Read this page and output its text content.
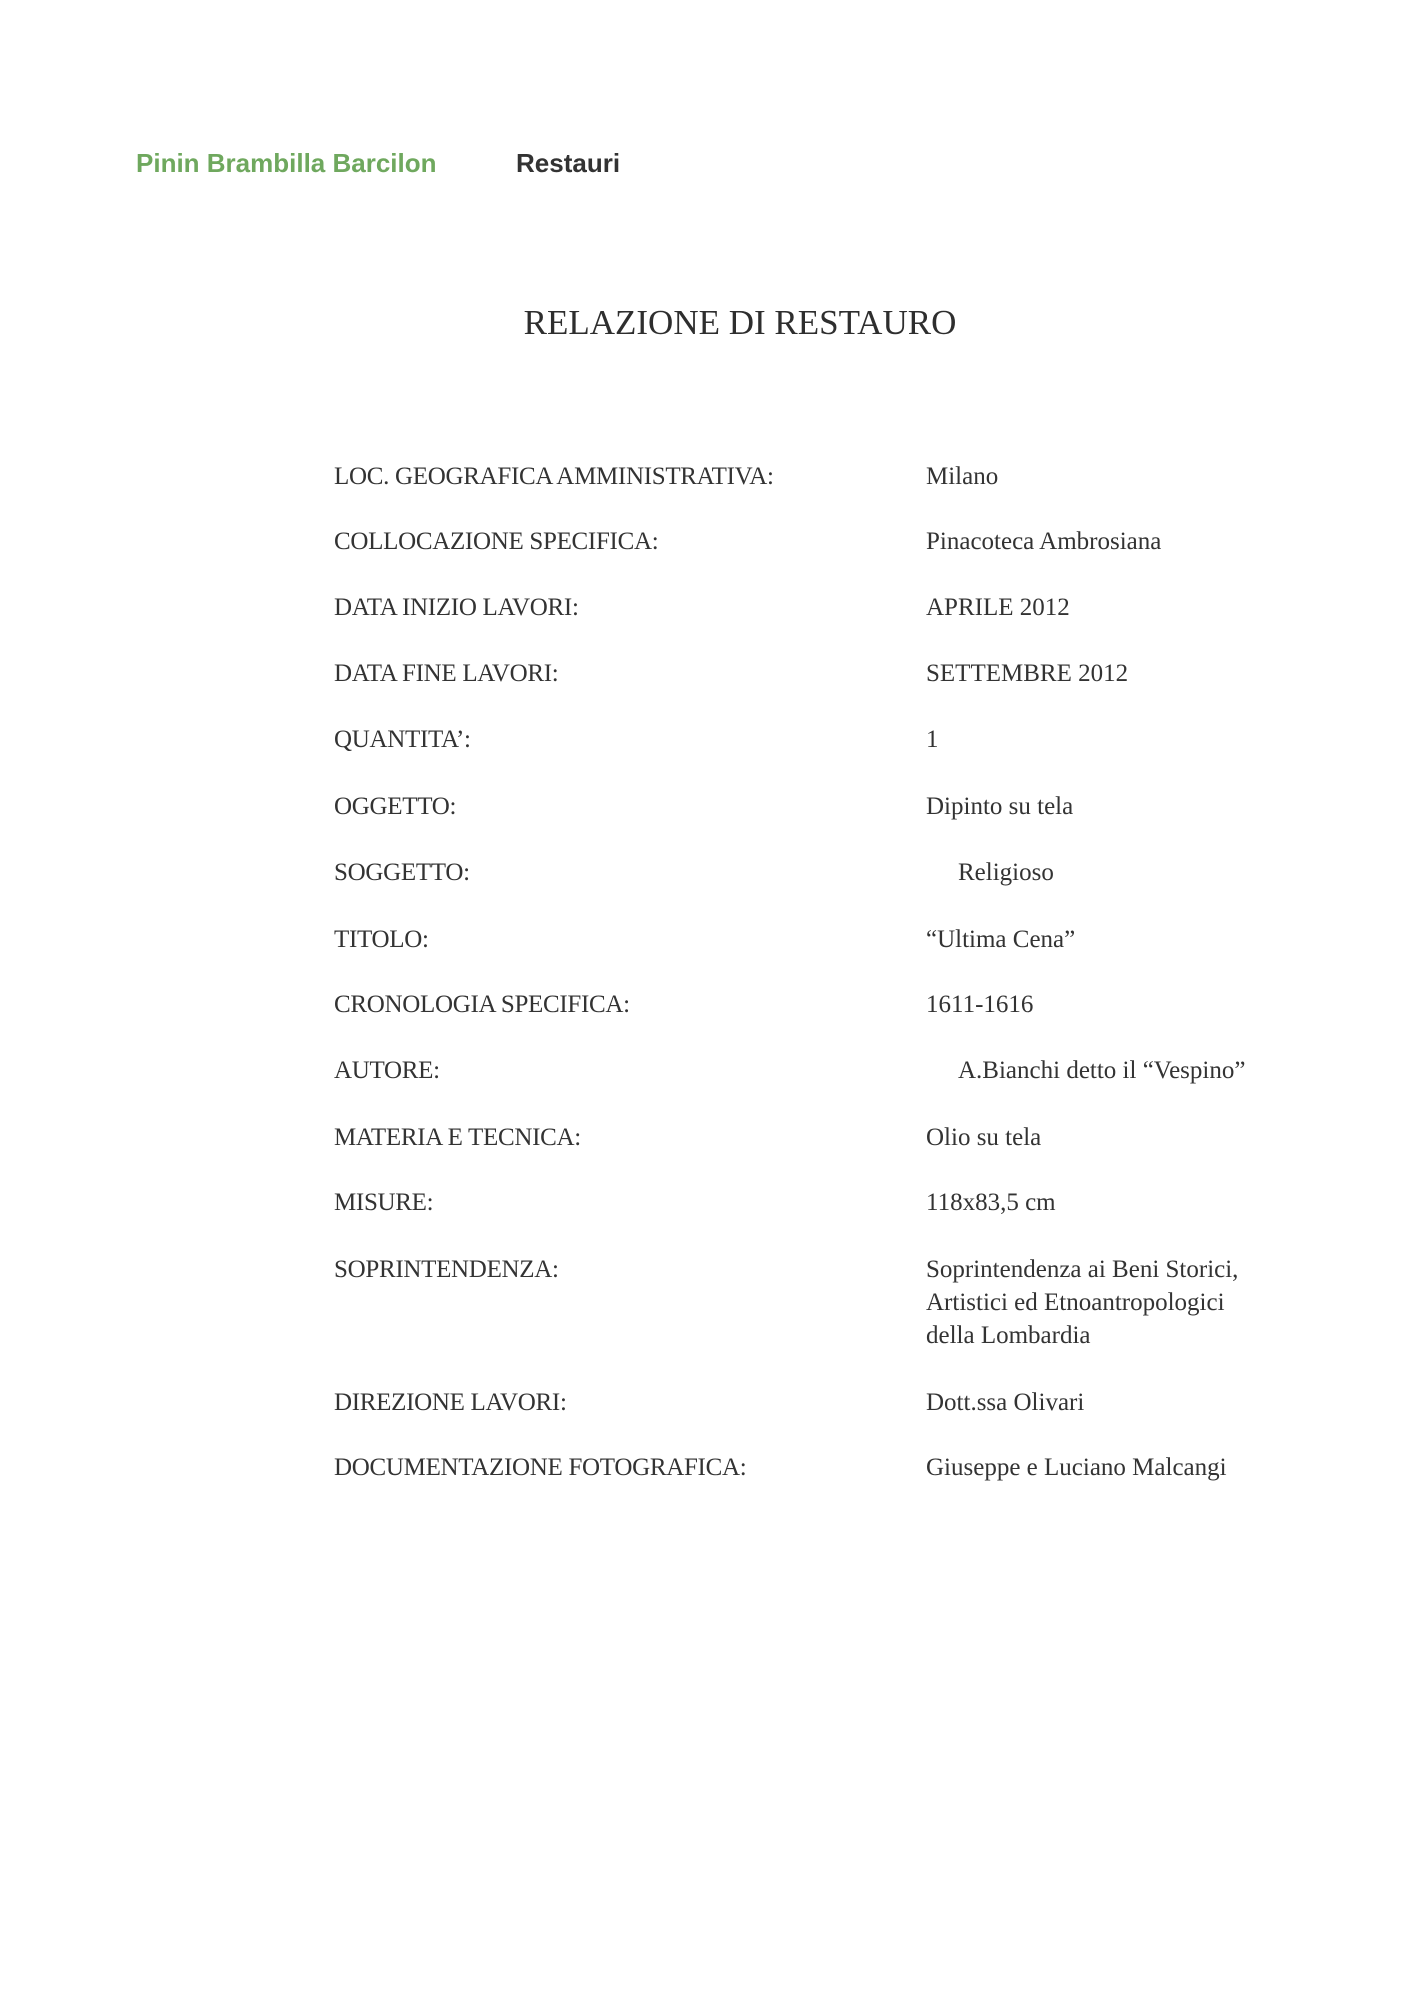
Pinin Brambilla Barcilon	Restauri
RELAZIONE DI RESTAURO
LOC. GEOGRAFICA AMMINISTRATIVA:	Milano
COLLOCAZIONE SPECIFICA:	Pinacoteca Ambrosiana
DATA INIZIO LAVORI:	APRILE 2012
DATA FINE LAVORI:	SETTEMBRE 2012
QUANTITA’:	1
OGGETTO:	Dipinto su tela
SOGGETTO:	Religioso
TITOLO:	“Ultima Cena”
CRONOLOGIA SPECIFICA:	1611-1616
AUTORE:	A.Bianchi detto il “Vespino”
MATERIA E TECNICA:	Olio su tela
MISURE:	118x83,5 cm
SOPRINTENDENZA:	Soprintendenza ai Beni Storici,
Artistici ed Etnoantropologici
della Lombardia
DIREZIONE LAVORI:	Dott.ssa Olivari
DOCUMENTAZIONE FOTOGRAFICA:	Giuseppe e Luciano Malcangi
